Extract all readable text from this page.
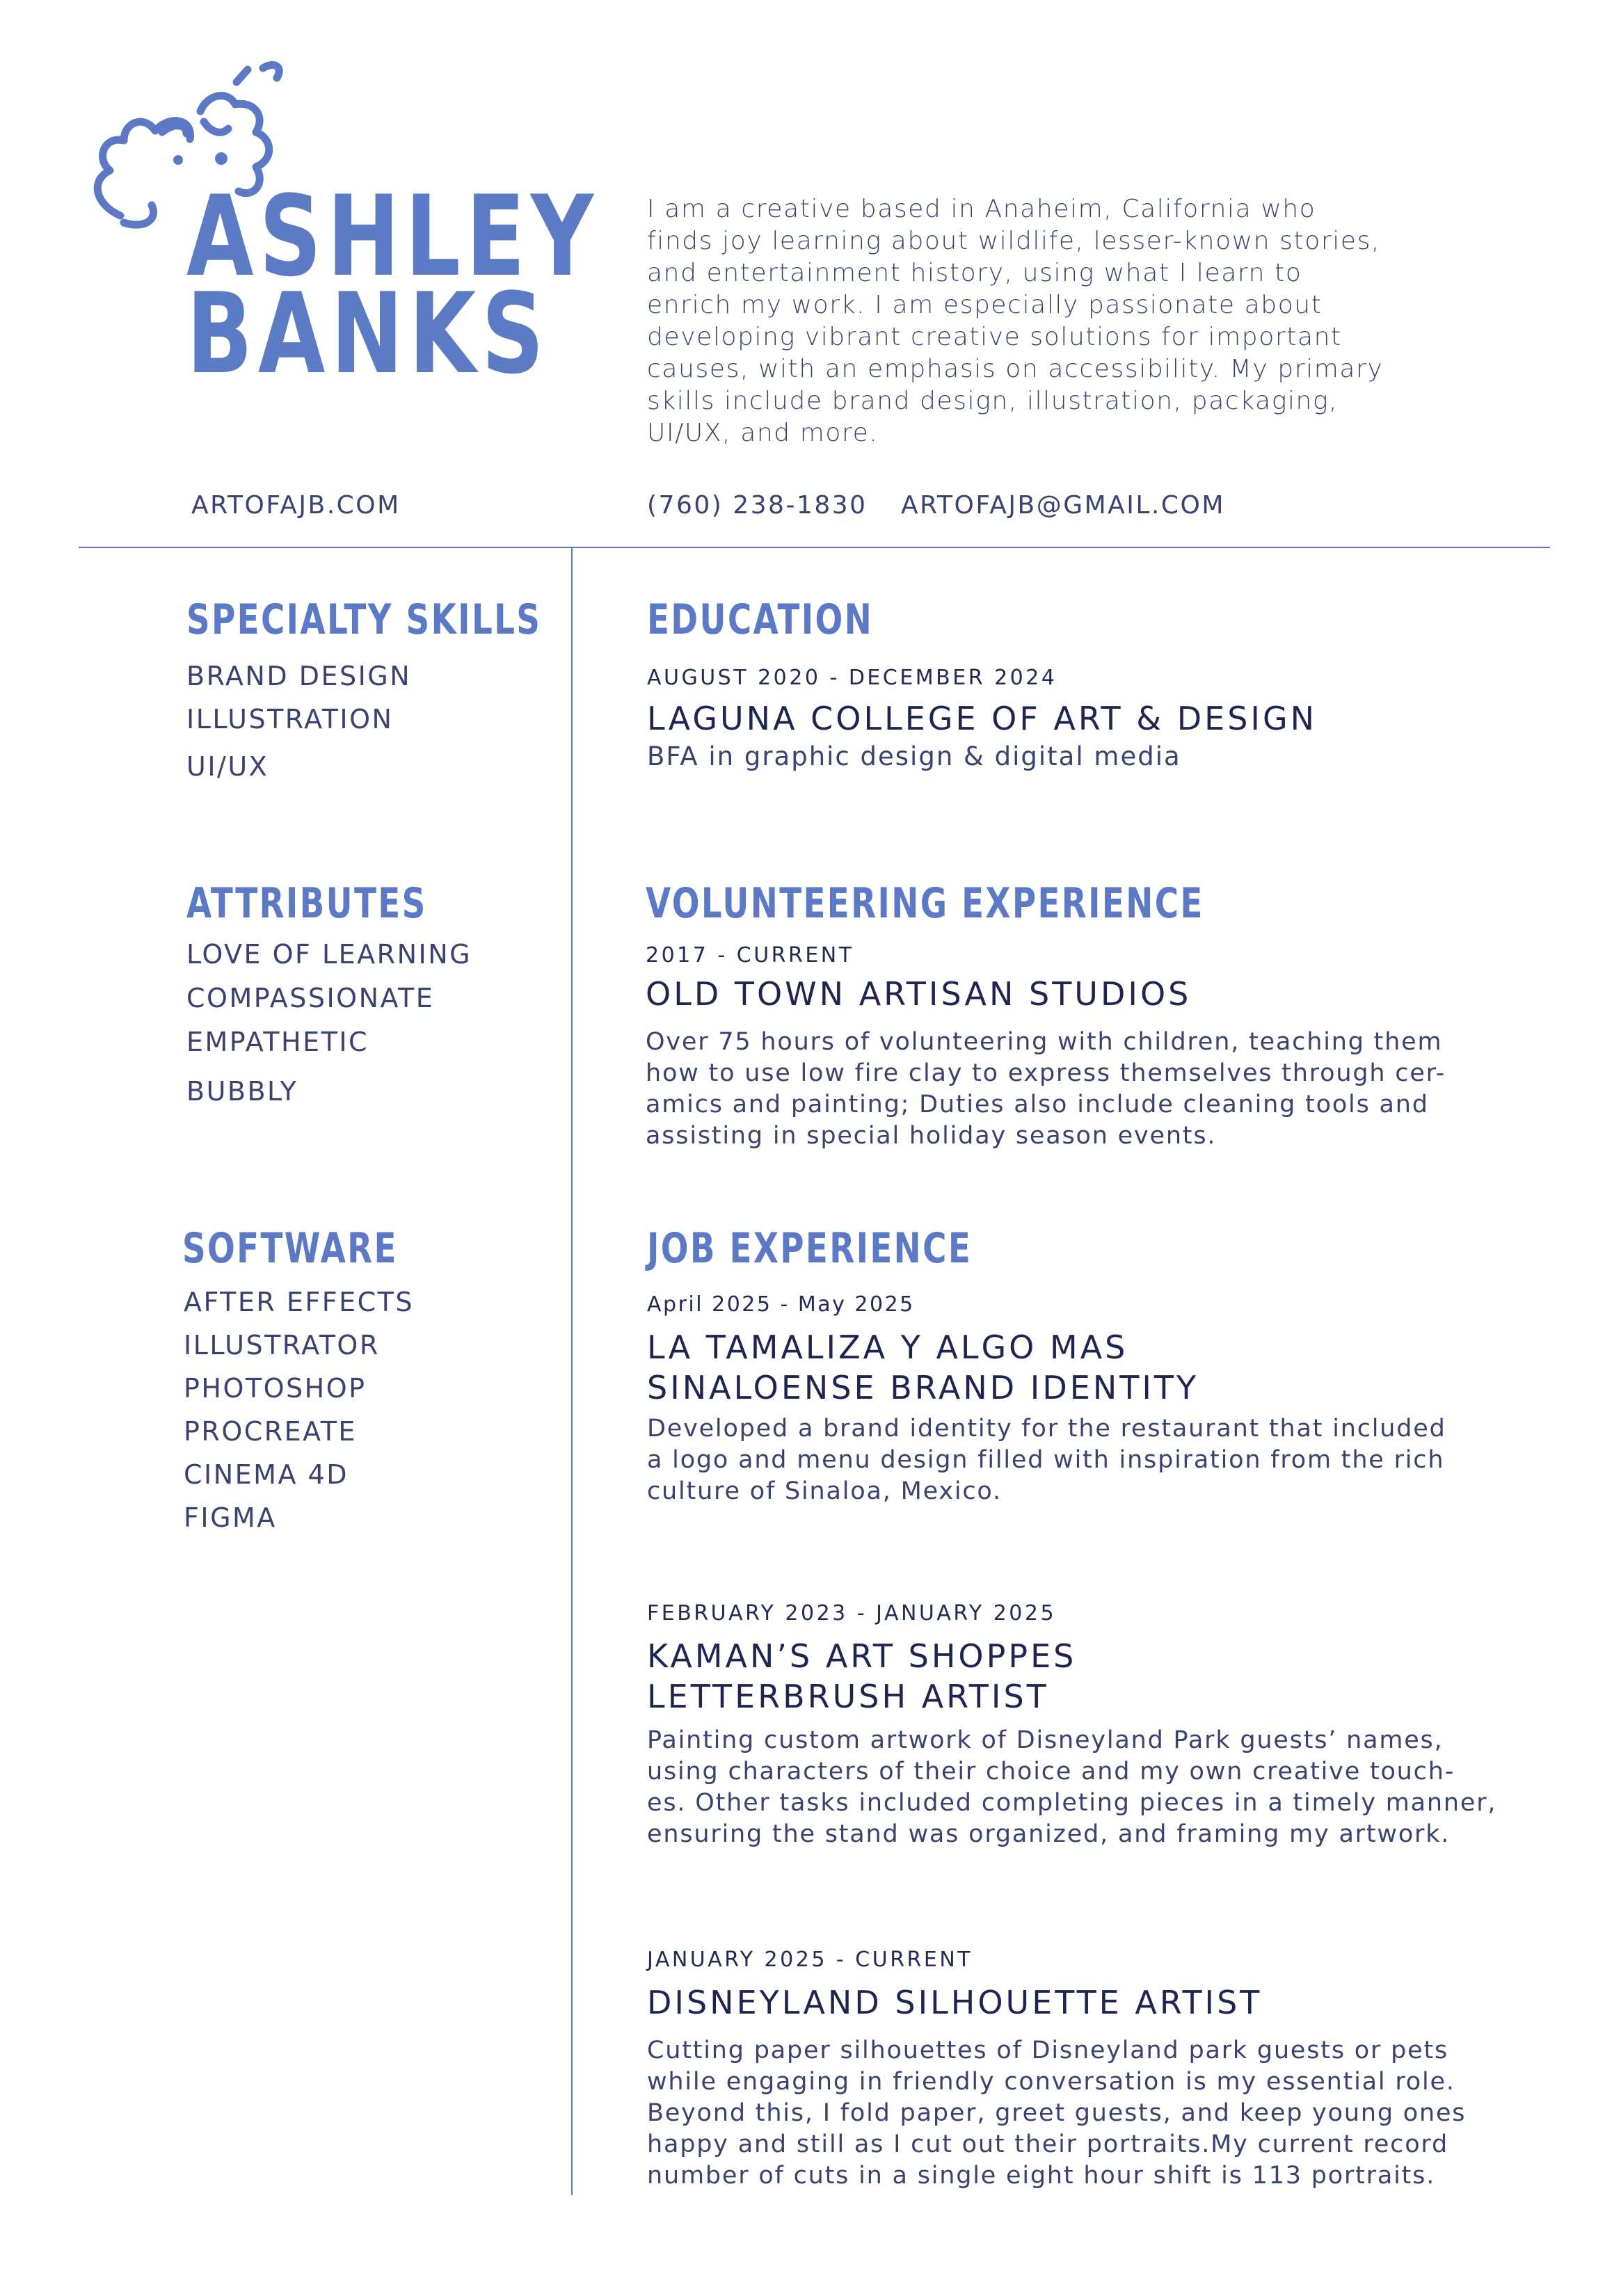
ASHLEY
BANKS
I am a creative based in Anaheim, California who finds joy learning about wildlife, lesser-known stories, and entertainment history, using what I learn to enrich my work. I am especially passionate about developing vibrant creative solutions for important causes, with an emphasis on accessibility. My primary skills include brand design, illustration, packaging, UI/UX, and more.
ARTOFAJB.COM	(760) 238-1830 ARTOFAJB@GMAIL.COM
SPECIALTY SKILLS
BRAND DESIGN
ILLUSTRATION
UI/UX
ATTRIBUTES
LOVE OF LEARNING
COMPASSIONATE
EMPATHETIC
BUBBLY
SOFTWARE
AFTER EFFECTS
ILLUSTRATOR
PHOTOSHOP
PROCREATE
CINEMA 4D
FIGMA
EDUCATION
AUGUST 2020 - DECEMBER 2024
LAGUNA COLLEGE OF ART & DESIGN
BFA in graphic design & digital media
VOLUNTEERING EXPERIENCE
2017 - CURRENT
OLD TOWN ARTISAN STUDIOS
Over 75 hours of volunteering with children, teaching them
how to use low fire clay to express themselves through cer-
amics and painting; Duties also include cleaning tools and
assisting in special holiday season events.
JOB EXPERIENCE
April 2025 - May 2025
LA TAMALIZA Y ALGO MAS
SINALOENSE BRAND IDENTITY
Developed a brand identity for the restaurant that included
a logo and menu design filled with inspiration from the rich
culture of Sinaloa, Mexico.
FEBRUARY 2023 - JANUARY 2025
KAMAN’S ART SHOPPES
LETTERBRUSH ARTIST
Painting custom artwork of Disneyland Park guests’ names,
using characters of their choice and my own creative touch-
es. Other tasks included completing pieces in a timely manner,
ensuring the stand was organized, and framing my artwork.
JANUARY 2025 - CURRENT
DISNEYLAND SILHOUETTE ARTIST
Cutting paper silhouettes of Disneyland park guests or pets
while engaging in friendly conversation is my essential role.
Beyond this, I fold paper, greet guests, and keep young ones
happy and still as I cut out their portraits.My current record
number of cuts in a single eight hour shift is 113 portraits.
